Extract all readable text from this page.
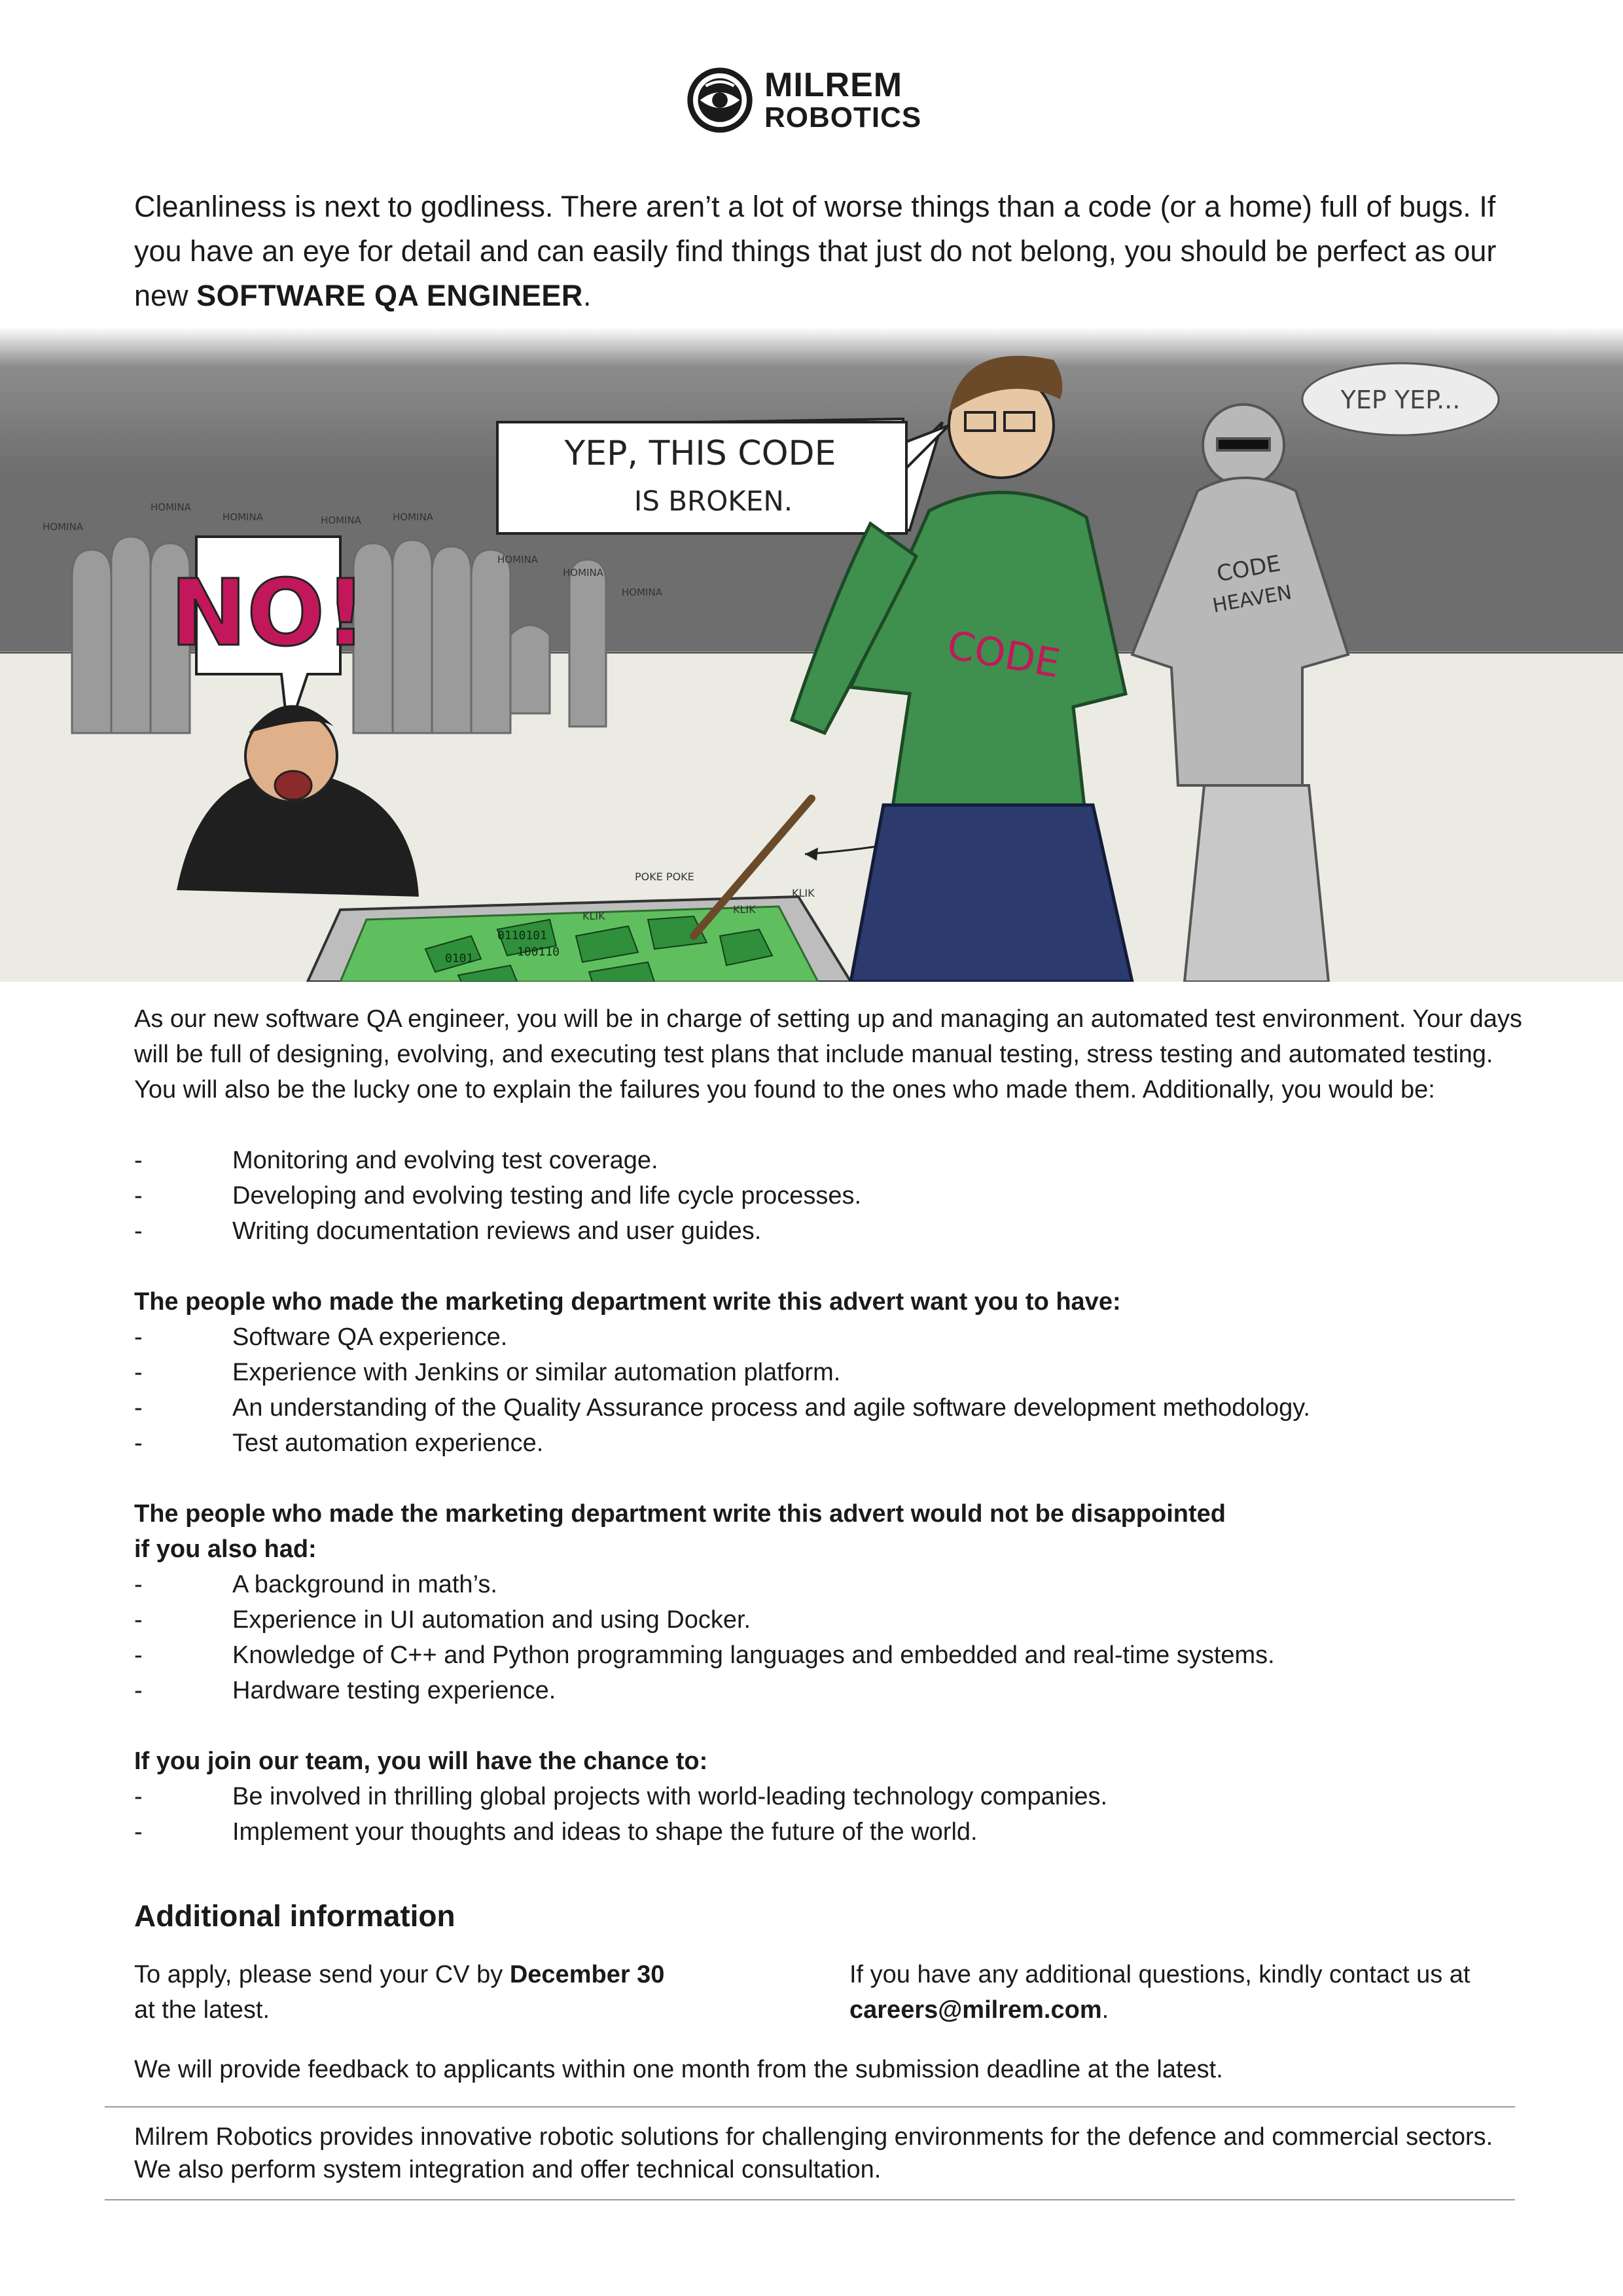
MILREM
ROBOTICS
Cleanliness is next to godliness. There aren’t a lot of worse things than a code (or a home) full of bugs. If you have an eye for detail and can easily find things that just do not belong, you should be perfect as our new SOFTWARE QA ENGINEER.
HOMINA
HOMINA
HOMINA	HOMINA	HOMINA
HOMINA
HOMINA
HOMINA
NO!
0110101
100110
0101
POKE POKE
KLIK
KLIK
KLIK
YEP, THIS CODE
IS BROKEN.
CODE
CODE
HEAVEN
YEP YEP...

As our new software QA engineer, you will be in charge of setting up and managing an automated test environment. Your days will be full of designing, evolving, and executing test plans that include manual testing, stress testing and automated testing. You will also be the lucky one to explain the failures you found to the ones who made them. Additionally, you would be:

- Monitoring and evolving test coverage.
- Developing and evolving testing and life cycle processes.
- Writing documentation reviews and user guides.

The people who made the marketing department write this advert want you to have:

- Software QA experience.
- Experience with Jenkins or similar automation platform.
- An understanding of the Quality Assurance process and agile software development methodology.
- Test automation experience.

The people who made the marketing department write this advert would not be disappointed

if you also had:

- A background in math’s.
- Experience in UI automation and using Docker.
- Knowledge of C++ and Python programming languages and embedded and real-time systems.
- Hardware testing experience.

If you join our team, you will have the chance to:

- Be involved in thrilling global projects with world-leading technology companies.
- Implement your thoughts and ideas to shape the future of the world.
Additional information
To apply, please send your CV by December 30
at the latest.
If you have any additional questions, kindly contact us at careers@milrem.com.
We will provide feedback to applicants within one month from the submission deadline at the latest.
Milrem Robotics provides innovative robotic solutions for challenging environments for the defence and commercial sectors. We also perform system integration and offer technical consultation.
